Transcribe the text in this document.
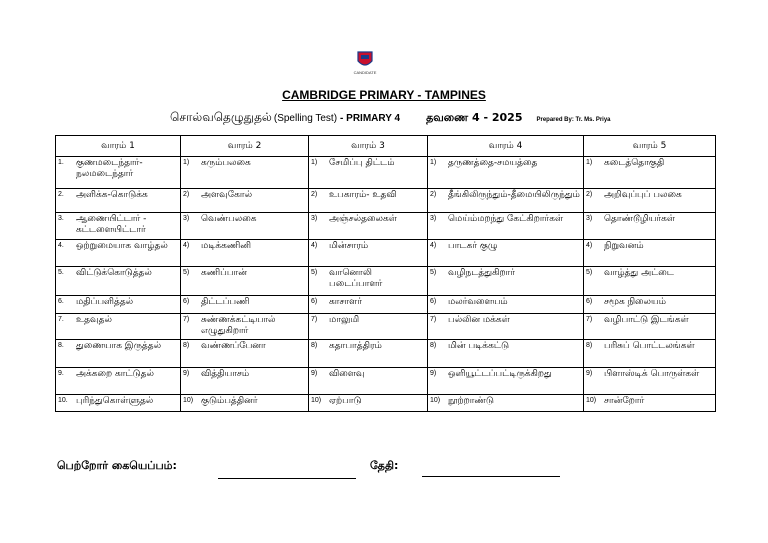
CANDIDATE
CAMBRIDGE PRIMARY - TAMPINES
சொல்வதெழுதுதல் (Spelling Test) - PRIMARY 4 தவணை 4 - 2025 Prepared By: Tr. Ms. Priya
வாரம் 1	வாரம் 2	வாரம் 3	வாரம் 4	வாரம் 5

1. குணமடைந்தார்-நலமடைந்தார்	1) கரும்பலகை	1) சேமிப்பு திட்டம்	1) தருணத்தை-சமயத்தை	1) கடைத்தொகுதி

2. அளிக்க-கொடுக்க	2) அளவுகோல்	2) உபகாரம்- உதவி	2) தீங்கிலிருந்தும்-தீமையிலிருந்தும்	2) அறிவுப்புப் பலகை

3. ஆணையிட்டார் - கட்டளையிட்டார்	3) வெண்பலகை	3) அஞ்சல்தலைகள்	3) மெய்ம்மறந்து கேட்கிறார்கள்	3) தொண்டூழியர்கள்

4. ஒற்றுமையாக வாழ்தல்	4) மடிக்கணினி	4) மின்சாரம்	4) பாடகர் குழு	4) நிறுவனம்

5. விட்டுக்கொடுத்தல்	5) கணிப்பான்	5) வானொலி படைப்பாளர்	5) வழிநடத்துகிறார்	5) வாழ்த்து அட்டை

6. மதிப்பளித்தல்	6) திட்டப்பணி	6) காசாளர்	6) மலர்வளையம்	6) சமூக நிலையம்

7. உதவுதல்	7) சுண்ணக்கட்டியால் எழுதுகிறார்	7) மாலுமி	7) பல்லின மக்கள்	7) வழிபாட்டு இடங்கள்

8. துணையாக இருத்தல்	8) வண்ணப்பேனா	8) கதாபாத்திரம்	8) மின் படிக்கட்டு	8) பரிசுப் பொட்டலங்கள்

9. அக்கறை காட்டுதல்	9) வித்தியாசம்	9) விளைவு	9) ஒளியூட்டப்பட்டிருக்கிறது	9) பிளாஸ்டிக் பொருள்கள்

10. புரிந்துகொள்ளுதல்	10) குடும்பத்தினர்	10) ஏற்பாடு	10) நூற்றாண்டு	10) சான்றோர்
பெற்றோர் கையெப்பம்:	தேதி:
